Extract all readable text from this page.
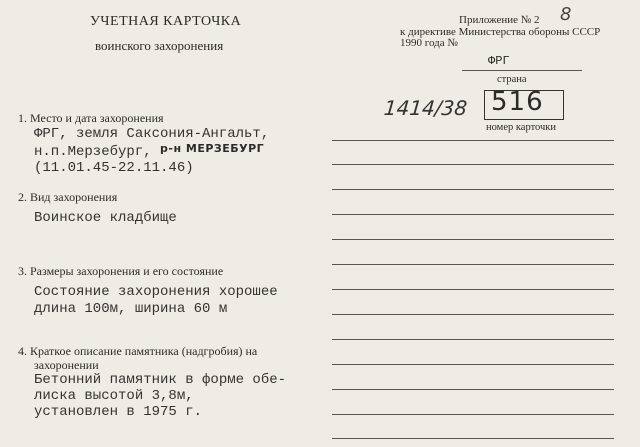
УЧЕТНАЯ КАРТОЧКА
воинского захоронения
Приложение № 2 8
к директиве Министерства обороны СССР
1990 года №
ФРГ
страна
1414/38 516
номер карточки
1. Место и дата захоронения
ФРГ, земля Саксония-Ангальт,
н.п.Мерзебург, р-н МЕРЗЕБУРГ
(11.01.45-22.11.46)
2. Вид захоронения
Воинское кладбище
3. Размеры захоронения и его состояние
Состояние захоронения хорошее
длина 100м, ширина 60 м
4. Краткое описание памятника (надгробия) на
захоронении
Бетонний памятник в форме обе-
лиска высотой 3,8м,
установлен в 1975 г.
